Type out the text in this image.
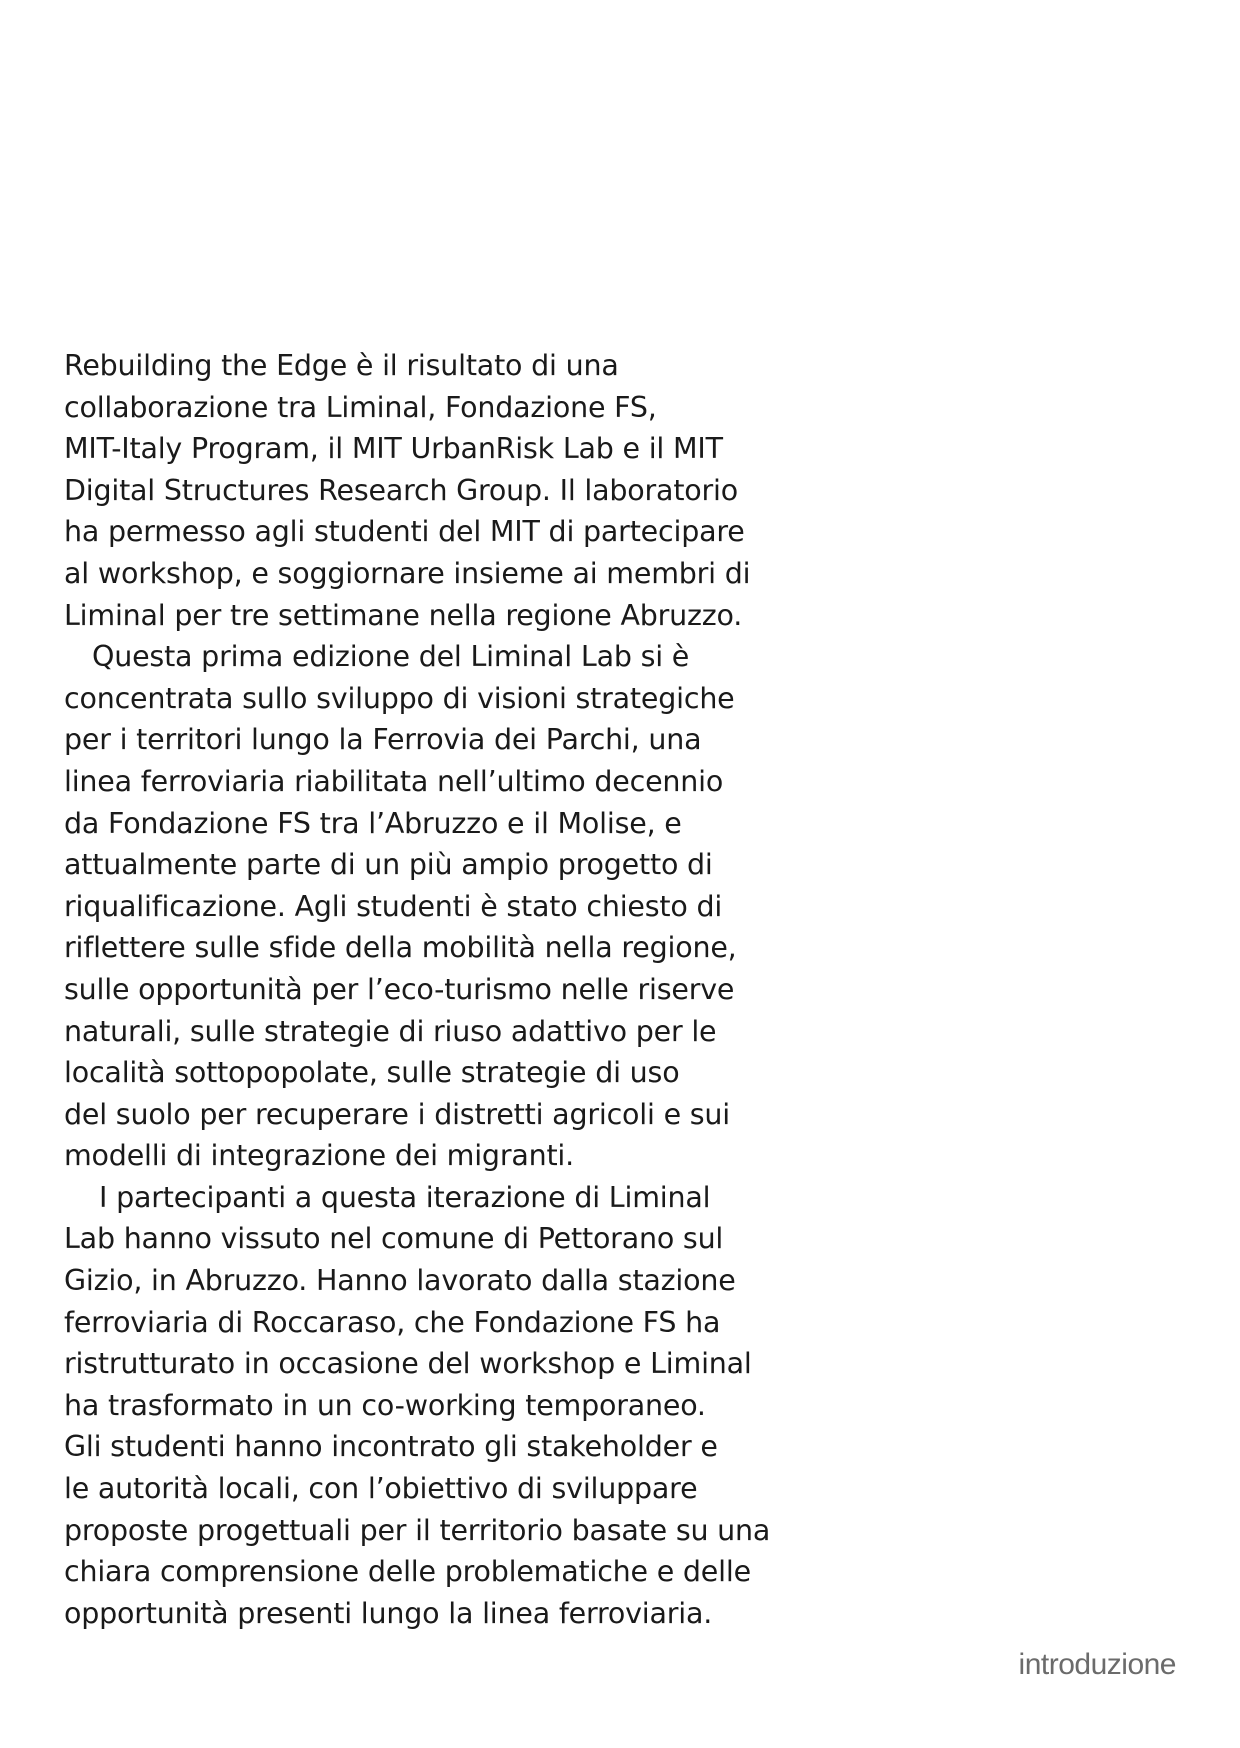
Rebuilding the Edge è il risultato di una
collaborazione tra Liminal, Fondazione FS,
MIT-Italy Program, il MIT UrbanRisk Lab e il MIT
Digital Structures Research Group. Il laboratorio
ha permesso agli studenti del MIT di partecipare
al workshop, e soggiornare insieme ai membri di
Liminal per tre settimane nella regione Abruzzo.

Questa prima edizione del Liminal Lab si è
concentrata sullo sviluppo di visioni strategiche
per i territori lungo la Ferrovia dei Parchi, una
linea ferroviaria riabilitata nell’ultimo decennio
da Fondazione FS tra l’Abruzzo e il Molise, e
attualmente parte di un più ampio progetto di
riqualificazione. Agli studenti è stato chiesto di
riflettere sulle sfide della mobilità nella regione,
sulle opportunità per l’eco-turismo nelle riserve
naturali, sulle strategie di riuso adattivo per le
località sottopopolate, sulle strategie di uso
del suolo per recuperare i distretti agricoli e sui
modelli di integrazione dei migranti.

I partecipanti a questa iterazione di Liminal
Lab hanno vissuto nel comune di Pettorano sul
Gizio, in Abruzzo. Hanno lavorato dalla stazione
ferroviaria di Roccaraso, che Fondazione FS ha
ristrutturato in occasione del workshop e Liminal
ha trasformato in un co-working temporaneo.
Gli studenti hanno incontrato gli stakeholder e
le autorità locali, con l’obiettivo di sviluppare
proposte progettuali per il territorio basate su una
chiara comprensione delle problematiche e delle
opportunità presenti lungo la linea ferroviaria.

introduzione
